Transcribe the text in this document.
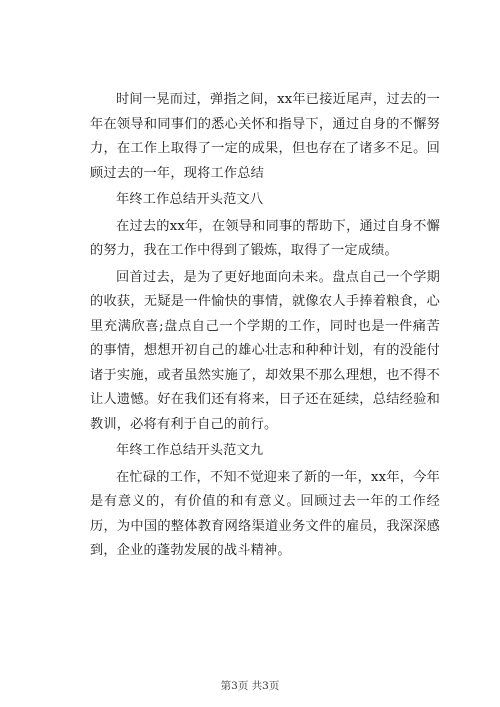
时间一晃而过，弹指之间，xx年已接近尾声，过去的一年在领导和同事们的悉心关怀和指导下，通过自身的不懈努力，在工作上取得了一定的成果，但也存在了诸多不足。回顾过去的一年，现将工作总结

年终工作总结开头范文八

在过去的xx年，在领导和同事的帮助下，通过自身不懈的努力，我在工作中得到了锻炼，取得了一定成绩。

回首过去，是为了更好地面向未来。盘点自己一个学期的收获，无疑是一件愉快的事情，就像农人手捧着粮食，心里充满欣喜;盘点自己一个学期的工作，同时也是一件痛苦的事情，想想开初自己的雄心壮志和种种计划，有的没能付诸于实施，或者虽然实施了，却效果不那么理想，也不得不让人遗憾。好在我们还有将来，日子还在延续，总结经验和教训，必将有利于自己的前行。

年终工作总结开头范文九

在忙碌的工作，不知不觉迎来了新的一年，xx年，今年是有意义的，有价值的和有意义。回顾过去一年的工作经历，为中国的整体教育网络渠道业务文件的雇员，我深深感到，企业的蓬勃发展的战斗精神。

第3页 共3页
